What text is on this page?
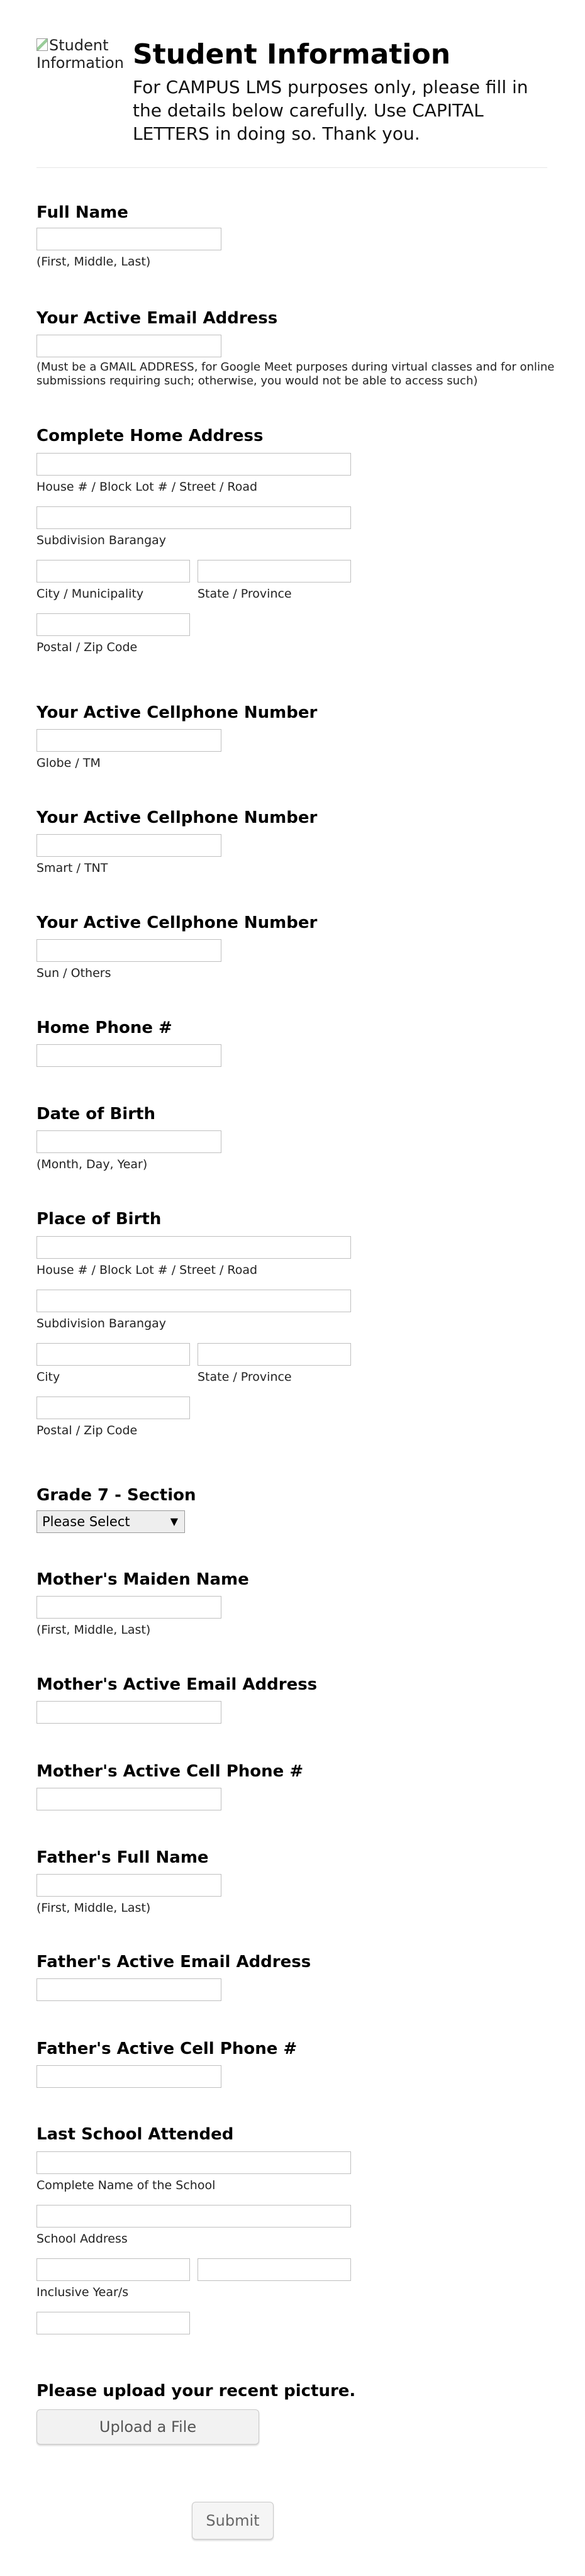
Student Information Student Information
For CAMPUS LMS purposes only, please fill in the details below carefully. Use CAPITAL LETTERS in doing so. Thank you.
Full Name
(First, Middle, Last)
Your Active Email Address
(Must be a GMAIL ADDRESS, for Google Meet purposes during virtual classes and for online submissions requiring such; otherwise, you would not be able to access such)
Complete Home Address
House # / Block Lot # / Street / Road
Subdivision Barangay
City / Municipality	State / Province
Postal / Zip Code
Your Active Cellphone Number
Globe / TM
Your Active Cellphone Number
Smart / TNT
Your Active Cellphone Number
Sun / Others
Home Phone #
Date of Birth
(Month, Day, Year)
Place of Birth
House # / Block Lot # / Street / Road
Subdivision Barangay
City	State / Province
Postal / Zip Code
Grade 7 - Section
Please Select	▼
Mother's Maiden Name
(First, Middle, Last)
Mother's Active Email Address
Mother's Active Cell Phone #
Father's Full Name
(First, Middle, Last)
Father's Active Email Address
Father's Active Cell Phone #
Last School Attended
Complete Name of the School
School Address
Inclusive Year/s
Please upload your recent picture.
Upload a File
Submit
